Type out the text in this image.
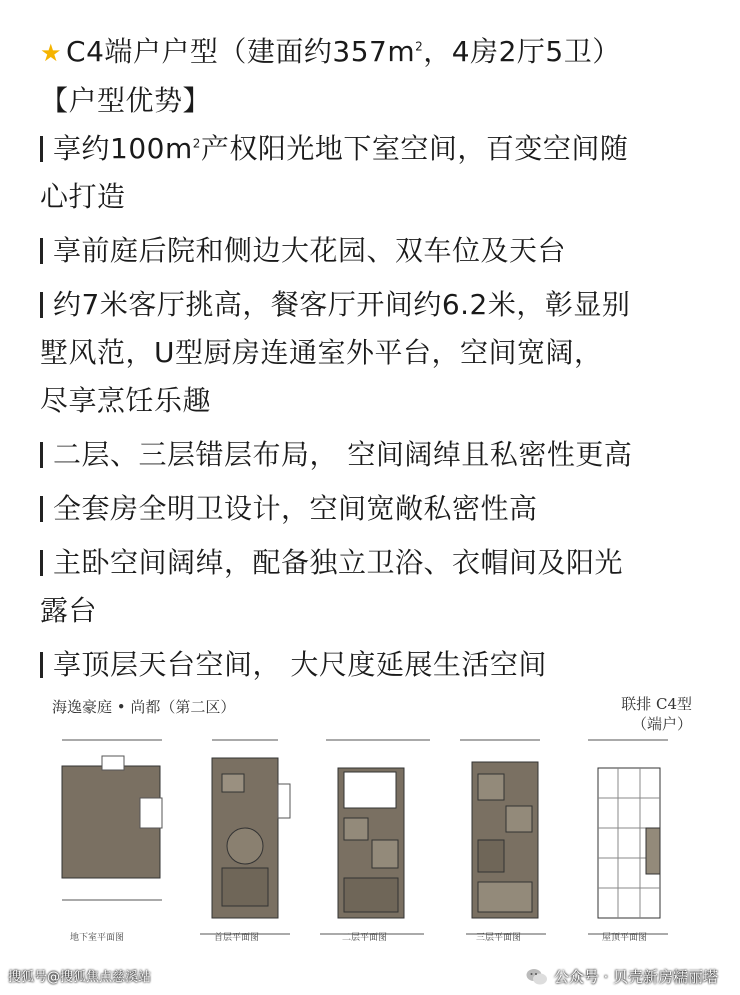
★ C4端户户型（建面约$357m^2$，4房2厅5卫）

【户型优势】

享约$100m^2$产权阳光地下室空间，百变空间随

心打造

享前庭后院和侧边大花园、双车位及天台

约7米客厅挑高，餐客厅开间约6.2米，彰显别

墅风范，U型厨房连通室外平台，空间宽阔，

尽享烹饪乐趣

二层、三层错层布局， 空间阔绰且私密性更高

全套房全明卫设计，空间宽敞私密性高

主卧空间阔绰，配备独立卫浴、衣帽间及阳光

露台

享顶层天台空间， 大尺度延展生活空间

海逸豪庭 • 尚都（第二区）	联排 C4型
（端户）
地下室平面图	首层平面图	二层平面图	三层平面图	屋顶平面图
搜狐号@搜狐焦点慈溪站	公众号 · 贝壳新房糯丽塔
